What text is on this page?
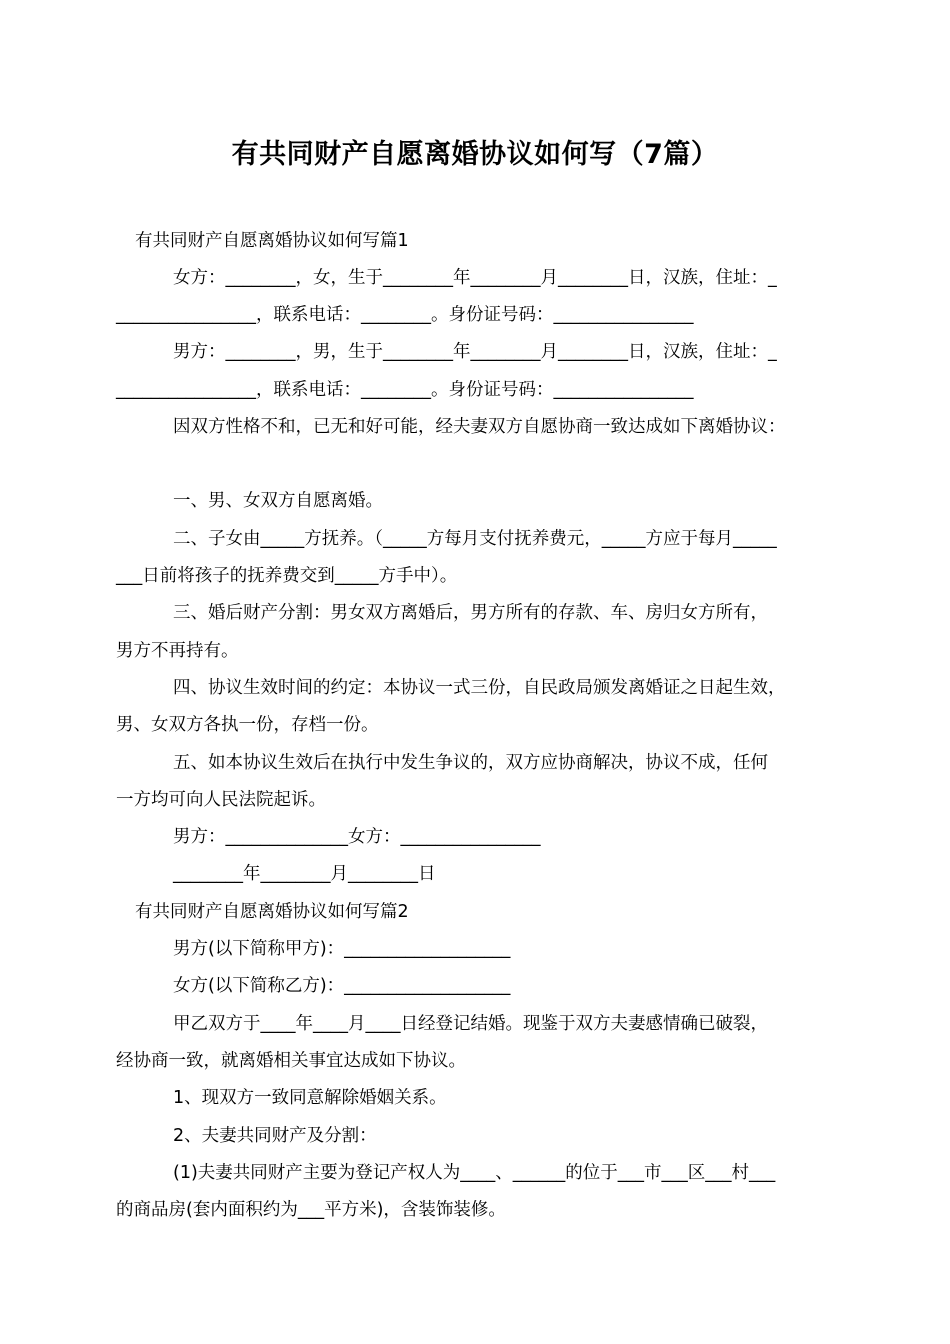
有共同财产自愿离婚协议如何写（7篇）
有共同财产自愿离婚协议如何写篇1
女方：________，女，生于________年________月________日，汉族，住址：_
________________，联系电话：________。身份证号码：________________
男方：________，男，生于________年________月________日，汉族，住址：_
________________，联系电话：________。身份证号码：________________
因双方性格不和，已无和好可能，经夫妻双方自愿协商一致达成如下离婚协议：
一、男、女双方自愿离婚。
二、子女由_____方抚养。（_____方每月支付抚养费元，_____方应于每月_____
___日前将孩子的抚养费交到_____方手中）。
三、婚后财产分割：男女双方离婚后，男方所有的存款、车、房归女方所有，
男方不再持有。
四、协议生效时间的约定：本协议一式三份，自民政局颁发离婚证之日起生效，
男、女双方各执一份，存档一份。
五、如本协议生效后在执行中发生争议的，双方应协商解决，协议不成，任何
一方均可向人民法院起诉。
男方：______________女方：________________
________年________月________日
有共同财产自愿离婚协议如何写篇2
男方(以下简称甲方)：___________________
女方(以下简称乙方)：___________________
甲乙双方于____年____月____日经登记结婚。现鉴于双方夫妻感情确已破裂，
经协商一致，就离婚相关事宜达成如下协议。
1、现双方一致同意解除婚姻关系。
2、夫妻共同财产及分割：
(1)夫妻共同财产主要为登记产权人为____、______的位于___市___区___村___
的商品房(套内面积约为___平方米)，含装饰装修。
